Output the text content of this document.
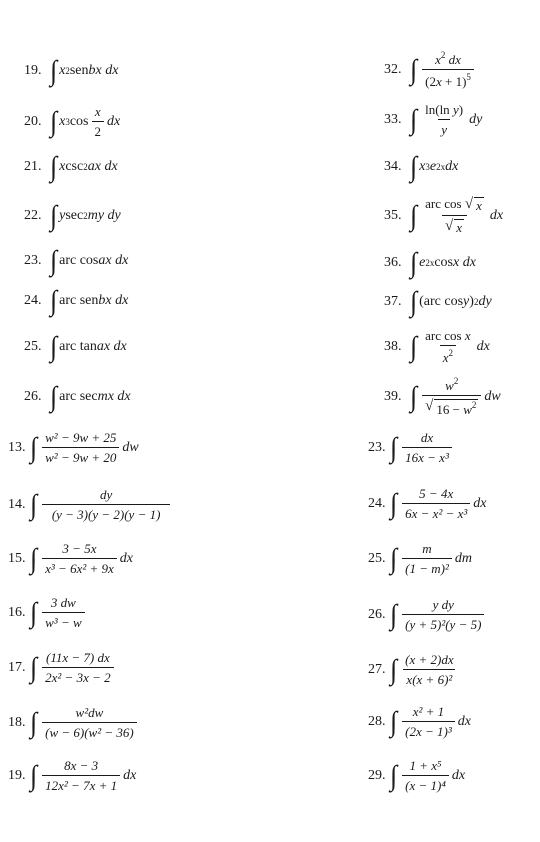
19. ∫ x 2 sen bx dx
20. ∫ x 3 $\cos \frac{x}{2}$ dx
21. ∫ x csc 2 ax dx
22. ∫ y sec 2 my dy
23. ∫ arc cos ax dx
24. ∫ arc sen bx dx
25. ∫ arc tan ax dx
26. ∫ arc sec mx dx
32. ∫ $\frac{x^2 dx}{(2x + 1)^5}$
33. ∫ $\frac{\text{ln(ln y)}}{y}$ dy
34. ∫ x 3 e 2x dx
35. ∫ $\frac{\text{arc cos √ x}}{√ x}$ dx
36. ∫ e 2x cos x dx
37. ∫ (arc cos y ) 2 dy
38. ∫ $\frac{\text{arc cos x}}{x^2}$ dx
39. ∫ $\frac{w^2}{√ 16 - w^2}$ dw
13. ∫ $\frac{\text{w² − 9w + 25}}{\text{w² − 9w + 20}}$ dw
14. ∫ $\frac{dy}{(y - 3)(y - 2)(y - 1)}$
15. ∫ $\frac{3 - 5x}{\text{x³ − 6x² + 9x}}$ dx
16. ∫ $\frac{3 dw}{\text{w³ − w}}$
17. ∫ $\frac{(11x - 7) dx}{\text{2x² − 3x − 2}}$
18. ∫ $\frac{\text{w²dw}}{\text{(w − 6)(w² − 36)}}$
19. ∫ $\frac{8x - 3}{\text{12x² − 7x + 1}}$ dx
23. ∫ $\frac{dx}{\text{16x − x³}}$
24. ∫ $\frac{5 - 4x}{\text{6x − x² − x³}}$ dx
25. ∫ $\frac{m}{\text{(1 − m)²}}$ dm
26. ∫ $\frac{\text{y dy}}{\text{(y + 5)²(y − 5)}}$
27. ∫ $\frac{(x + 2)dx}{\text{x(x + 6)²}}$
28. ∫ $\frac{\text{x² + 1}}{\text{(2x − 1)³}}$ dx
29. ∫ $\frac{\text{1 + x⁵}}{\text{(x − 1)⁴}}$ dx
